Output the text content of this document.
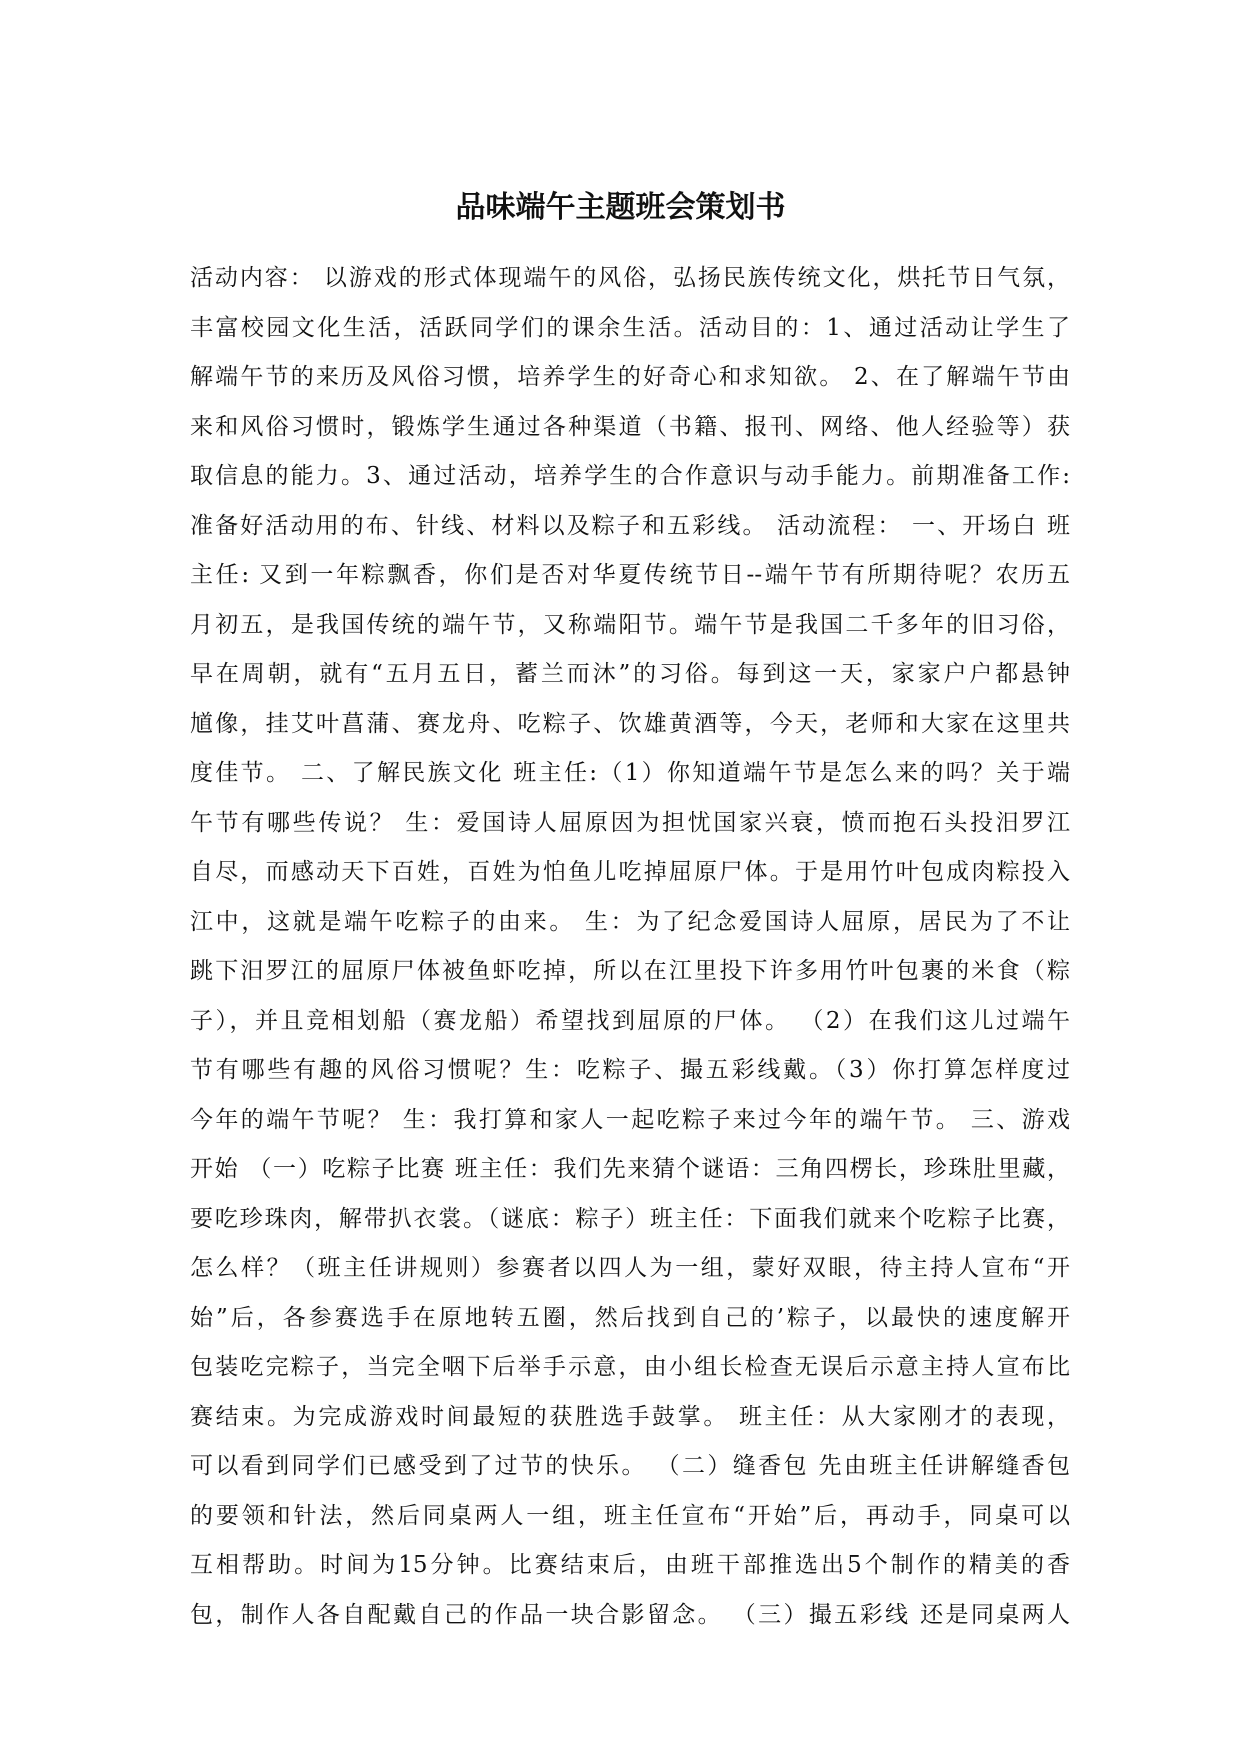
品味端午主题班会策划书
活动内容： 以游戏的形式体现端午的风俗，弘扬民族传统文化，烘托节日气氛，
丰富校园文化生活，活跃同学们的课余生活。活动目的：1、通过活动让学生了
解端午节的来历及风俗习惯，培养学生的好奇心和求知欲。 2、在了解端午节由
来和风俗习惯时，锻炼学生通过各种渠道（书籍、报刊、网络、他人经验等）获
取信息的能力。3、通过活动，培养学生的合作意识与动手能力。前期准备工作:
准备好活动用的布、针线、材料以及粽子和五彩线。 活动流程： 一、开场白 班
主任: 又到一年粽飘香，你们是否对华夏传统节日--端午节有所期待呢？农历五
月初五，是我国传统的端午节，又称端阳节。端午节是我国二千多年的旧习俗，
早在周朝，就有“五月五日，蓄兰而沐”的习俗。每到这一天，家家户户都悬钟
馗像，挂艾叶菖蒲、赛龙舟、吃粽子、饮雄黄酒等，今天，老师和大家在这里共
度佳节。 二、了解民族文化 班主任:（1）你知道端午节是怎么来的吗？关于端
午节有哪些传说？ 生：爱国诗人屈原因为担忧国家兴衰，愤而抱石头投汨罗江
自尽，而感动天下百姓，百姓为怕鱼儿吃掉屈原尸体。于是用竹叶包成肉粽投入
江中，这就是端午吃粽子的由来。 生：为了纪念爱国诗人屈原，居民为了不让
跳下汨罗江的屈原尸体被鱼虾吃掉，所以在江里投下许多用竹叶包裹的米食（粽
子），并且竞相划船（赛龙船）希望找到屈原的尸体。 （2）在我们这儿过端午
节有哪些有趣的风俗习惯呢？生：吃粽子、撮五彩线戴。（3）你打算怎样度过
今年的端午节呢？ 生：我打算和家人一起吃粽子来过今年的端午节。 三、游戏
开始 （一）吃粽子比赛 班主任：我们先来猜个谜语：三角四楞长，珍珠肚里藏，
要吃珍珠肉，解带扒衣裳。（谜底：粽子）班主任：下面我们就来个吃粽子比赛，
怎么样？（班主任讲规则）参赛者以四人为一组，蒙好双眼，待主持人宣布“开
始”后，各参赛选手在原地转五圈，然后找到自己的’粽子，以最快的速度解开
包装吃完粽子，当完全咽下后举手示意，由小组长检查无误后示意主持人宣布比
赛结束。为完成游戏时间最短的获胜选手鼓掌。 班主任：从大家刚才的表现，
可以看到同学们已感受到了过节的快乐。 （二）缝香包 先由班主任讲解缝香包
的要领和针法，然后同桌两人一组，班主任宣布“开始”后，再动手，同桌可以
互相帮助。时间为15分钟。比赛结束后，由班干部推选出5个制作的精美的香
包，制作人各自配戴自己的作品一块合影留念。 （三）撮五彩线 还是同桌两人
